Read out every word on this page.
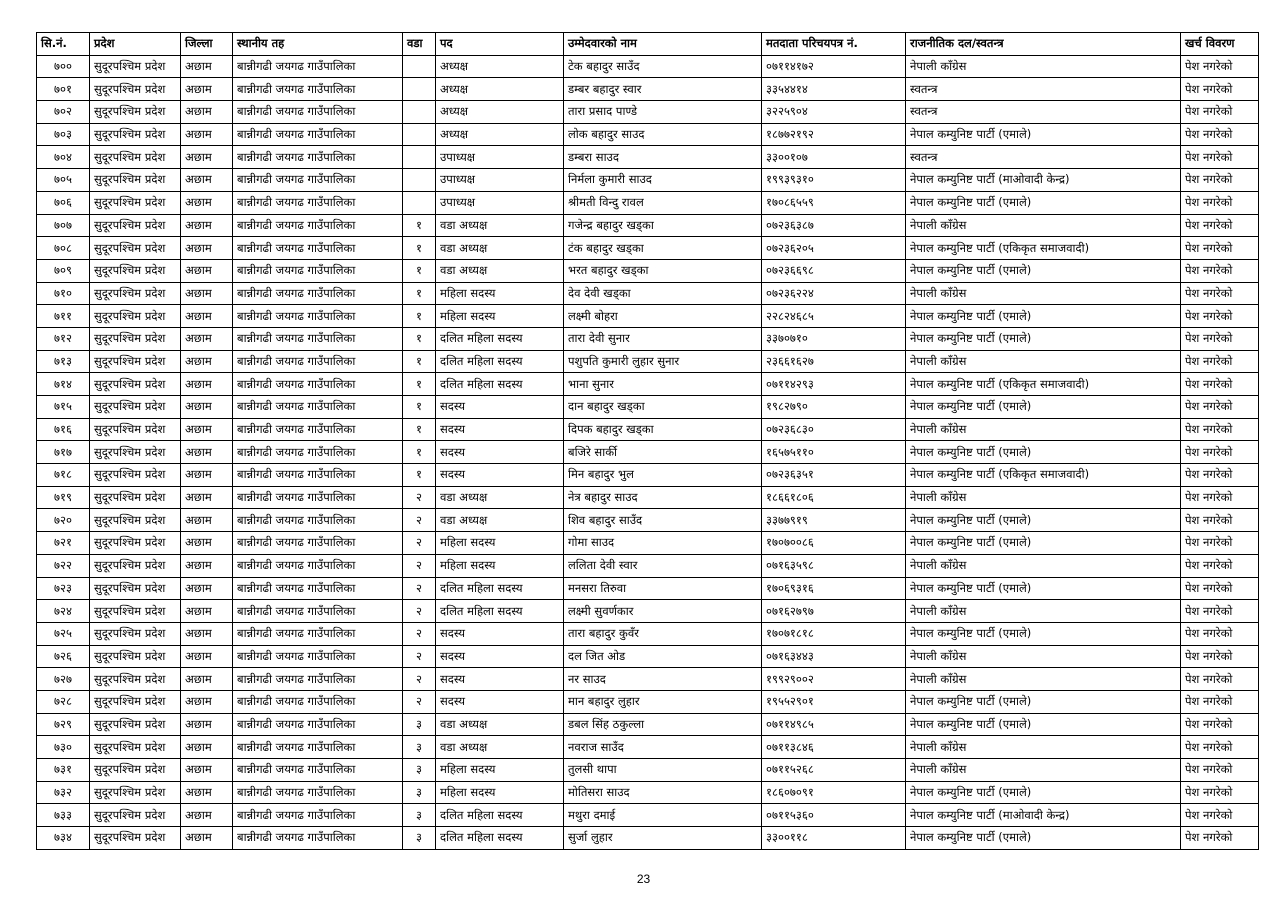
सि.नं.	प्रदेश	जिल्ला	स्थानीय तह	वडा	पद	उम्मेदवारको नाम	मतदाता परिचयपत्र नं.	राजनीतिक दल/स्वतन्त्र	खर्च विवरण
७००	सुदूरपश्चिम प्रदेश	अछाम	बान्नीगढी जयगढ गाउँपालिका		अध्यक्ष	टेक बहादुर साउँद	०७११४१७२	नेपाली काँग्रेस	पेश नगरेको
७०१	सुदूरपश्चिम प्रदेश	अछाम	बान्नीगढी जयगढ गाउँपालिका		अध्यक्ष	डम्बर बहादुर स्वार	३३५४४१४	स्वतन्त्र	पेश नगरेको
७०२	सुदूरपश्चिम प्रदेश	अछाम	बान्नीगढी जयगढ गाउँपालिका		अध्यक्ष	तारा प्रसाद पाण्डे	३२२५९०४	स्वतन्त्र	पेश नगरेको
७०३	सुदूरपश्चिम प्रदेश	अछाम	बान्नीगढी जयगढ गाउँपालिका		अध्यक्ष	लोक बहादुर साउद	१८७७२१९२	नेपाल कम्युनिष्ट पार्टी (एमाले)	पेश नगरेको
७०४	सुदूरपश्चिम प्रदेश	अछाम	बान्नीगढी जयगढ गाउँपालिका		उपाध्यक्ष	डम्बरा साउद	३३००१०७	स्वतन्त्र	पेश नगरेको
७०५	सुदूरपश्चिम प्रदेश	अछाम	बान्नीगढी जयगढ गाउँपालिका		उपाध्यक्ष	निर्मला कुमारी साउद	१९९३९३१०	नेपाल कम्युनिष्ट पार्टी (माओवादी केन्द्र)	पेश नगरेको
७०६	सुदूरपश्चिम प्रदेश	अछाम	बान्नीगढी जयगढ गाउँपालिका		उपाध्यक्ष	श्रीमती विन्दु रावल	१७०८६५५९	नेपाल कम्युनिष्ट पार्टी (एमाले)	पेश नगरेको
७०७	सुदूरपश्चिम प्रदेश	अछाम	बान्नीगढी जयगढ गाउँपालिका	१	वडा अध्यक्ष	गजेन्द्र बहादुर खड्का	०७२३६३८७	नेपाली काँग्रेस	पेश नगरेको
७०८	सुदूरपश्चिम प्रदेश	अछाम	बान्नीगढी जयगढ गाउँपालिका	१	वडा अध्यक्ष	टंक बहादुर खड्का	०७२३६२०५	नेपाल कम्युनिष्ट पार्टी (एकिकृत समाजवादी)	पेश नगरेको
७०९	सुदूरपश्चिम प्रदेश	अछाम	बान्नीगढी जयगढ गाउँपालिका	१	वडा अध्यक्ष	भरत बहादुर खड्का	०७२३६६९८	नेपाल कम्युनिष्ट पार्टी (एमाले)	पेश नगरेको
७१०	सुदूरपश्चिम प्रदेश	अछाम	बान्नीगढी जयगढ गाउँपालिका	१	महिला सदस्य	देव देवी खड्का	०७२३६२२४	नेपाली काँग्रेस	पेश नगरेको
७११	सुदूरपश्चिम प्रदेश	अछाम	बान्नीगढी जयगढ गाउँपालिका	१	महिला सदस्य	लक्ष्मी बोहरा	२२८२४६८५	नेपाल कम्युनिष्ट पार्टी (एमाले)	पेश नगरेको
७१२	सुदूरपश्चिम प्रदेश	अछाम	बान्नीगढी जयगढ गाउँपालिका	१	दलित महिला सदस्य	तारा देवी सुनार	३३७०७१०	नेपाल कम्युनिष्ट पार्टी (एमाले)	पेश नगरेको
७१३	सुदूरपश्चिम प्रदेश	अछाम	बान्नीगढी जयगढ गाउँपालिका	१	दलित महिला सदस्य	पशुपति कुमारी लुहार सुनार	२३६६१६२७	नेपाली काँग्रेस	पेश नगरेको
७१४	सुदूरपश्चिम प्रदेश	अछाम	बान्नीगढी जयगढ गाउँपालिका	१	दलित महिला सदस्य	भाना सुनार	०७११४२९३	नेपाल कम्युनिष्ट पार्टी (एकिकृत समाजवादी)	पेश नगरेको
७१५	सुदूरपश्चिम प्रदेश	अछाम	बान्नीगढी जयगढ गाउँपालिका	१	सदस्य	दान बहादुर खड्का	१९८२७९०	नेपाल कम्युनिष्ट पार्टी (एमाले)	पेश नगरेको
७१६	सुदूरपश्चिम प्रदेश	अछाम	बान्नीगढी जयगढ गाउँपालिका	१	सदस्य	दिपक बहादुर खड्का	०७२३६८३०	नेपाली काँग्रेस	पेश नगरेको
७१७	सुदूरपश्चिम प्रदेश	अछाम	बान्नीगढी जयगढ गाउँपालिका	१	सदस्य	बजिरे सार्की	१६५७५११०	नेपाल कम्युनिष्ट पार्टी (एमाले)	पेश नगरेको
७१८	सुदूरपश्चिम प्रदेश	अछाम	बान्नीगढी जयगढ गाउँपालिका	१	सदस्य	मिन बहादुर भुल	०७२३६३५१	नेपाल कम्युनिष्ट पार्टी (एकिकृत समाजवादी)	पेश नगरेको
७१९	सुदूरपश्चिम प्रदेश	अछाम	बान्नीगढी जयगढ गाउँपालिका	२	वडा अध्यक्ष	नेत्र बहादुर साउद	१८६६१८०६	नेपाली काँग्रेस	पेश नगरेको
७२०	सुदूरपश्चिम प्रदेश	अछाम	बान्नीगढी जयगढ गाउँपालिका	२	वडा अध्यक्ष	शिव बहादुर साउँद	३३७७९१९	नेपाल कम्युनिष्ट पार्टी (एमाले)	पेश नगरेको
७२१	सुदूरपश्चिम प्रदेश	अछाम	बान्नीगढी जयगढ गाउँपालिका	२	महिला सदस्य	गोमा साउद	१७०७००८६	नेपाल कम्युनिष्ट पार्टी (एमाले)	पेश नगरेको
७२२	सुदूरपश्चिम प्रदेश	अछाम	बान्नीगढी जयगढ गाउँपालिका	२	महिला सदस्य	ललिता देवी स्वार	०७१६३५९८	नेपाली काँग्रेस	पेश नगरेको
७२३	सुदूरपश्चिम प्रदेश	अछाम	बान्नीगढी जयगढ गाउँपालिका	२	दलित महिला सदस्य	मनसरा तिरुवा	१७०६९३१६	नेपाल कम्युनिष्ट पार्टी (एमाले)	पेश नगरेको
७२४	सुदूरपश्चिम प्रदेश	अछाम	बान्नीगढी जयगढ गाउँपालिका	२	दलित महिला सदस्य	लक्ष्मी सुवर्णकार	०७१६२७९७	नेपाली काँग्रेस	पेश नगरेको
७२५	सुदूरपश्चिम प्रदेश	अछाम	बान्नीगढी जयगढ गाउँपालिका	२	सदस्य	तारा बहादुर कुवँर	१७०७१८१८	नेपाल कम्युनिष्ट पार्टी (एमाले)	पेश नगरेको
७२६	सुदूरपश्चिम प्रदेश	अछाम	बान्नीगढी जयगढ गाउँपालिका	२	सदस्य	दल जित ओड	०७१६३४४३	नेपाली काँग्रेस	पेश नगरेको
७२७	सुदूरपश्चिम प्रदेश	अछाम	बान्नीगढी जयगढ गाउँपालिका	२	सदस्य	नर साउद	१९९२९००२	नेपाली काँग्रेस	पेश नगरेको
७२८	सुदूरपश्चिम प्रदेश	अछाम	बान्नीगढी जयगढ गाउँपालिका	२	सदस्य	मान बहादुर लुहार	१९५५२९०१	नेपाल कम्युनिष्ट पार्टी (एमाले)	पेश नगरेको
७२९	सुदूरपश्चिम प्रदेश	अछाम	बान्नीगढी जयगढ गाउँपालिका	३	वडा अध्यक्ष	डबल सिंह ठकुल्ला	०७११४९८५	नेपाल कम्युनिष्ट पार्टी (एमाले)	पेश नगरेको
७३०	सुदूरपश्चिम प्रदेश	अछाम	बान्नीगढी जयगढ गाउँपालिका	३	वडा अध्यक्ष	नवराज साउँद	०७११३८४६	नेपाली काँग्रेस	पेश नगरेको
७३१	सुदूरपश्चिम प्रदेश	अछाम	बान्नीगढी जयगढ गाउँपालिका	३	महिला सदस्य	तुलसी थापा	०७११५२६८	नेपाली काँग्रेस	पेश नगरेको
७३२	सुदूरपश्चिम प्रदेश	अछाम	बान्नीगढी जयगढ गाउँपालिका	३	महिला सदस्य	मोतिसरा साउद	१८६०७०९१	नेपाल कम्युनिष्ट पार्टी (एमाले)	पेश नगरेको
७३३	सुदूरपश्चिम प्रदेश	अछाम	बान्नीगढी जयगढ गाउँपालिका	३	दलित महिला सदस्य	मथुरा दमाई	०७११५३६०	नेपाल कम्युनिष्ट पार्टी (माओवादी केन्द्र)	पेश नगरेको
७३४	सुदूरपश्चिम प्रदेश	अछाम	बान्नीगढी जयगढ गाउँपालिका	३	दलित महिला सदस्य	सुर्जा लुहार	३३००११८	नेपाल कम्युनिष्ट पार्टी (एमाले)	पेश नगरेको
23
